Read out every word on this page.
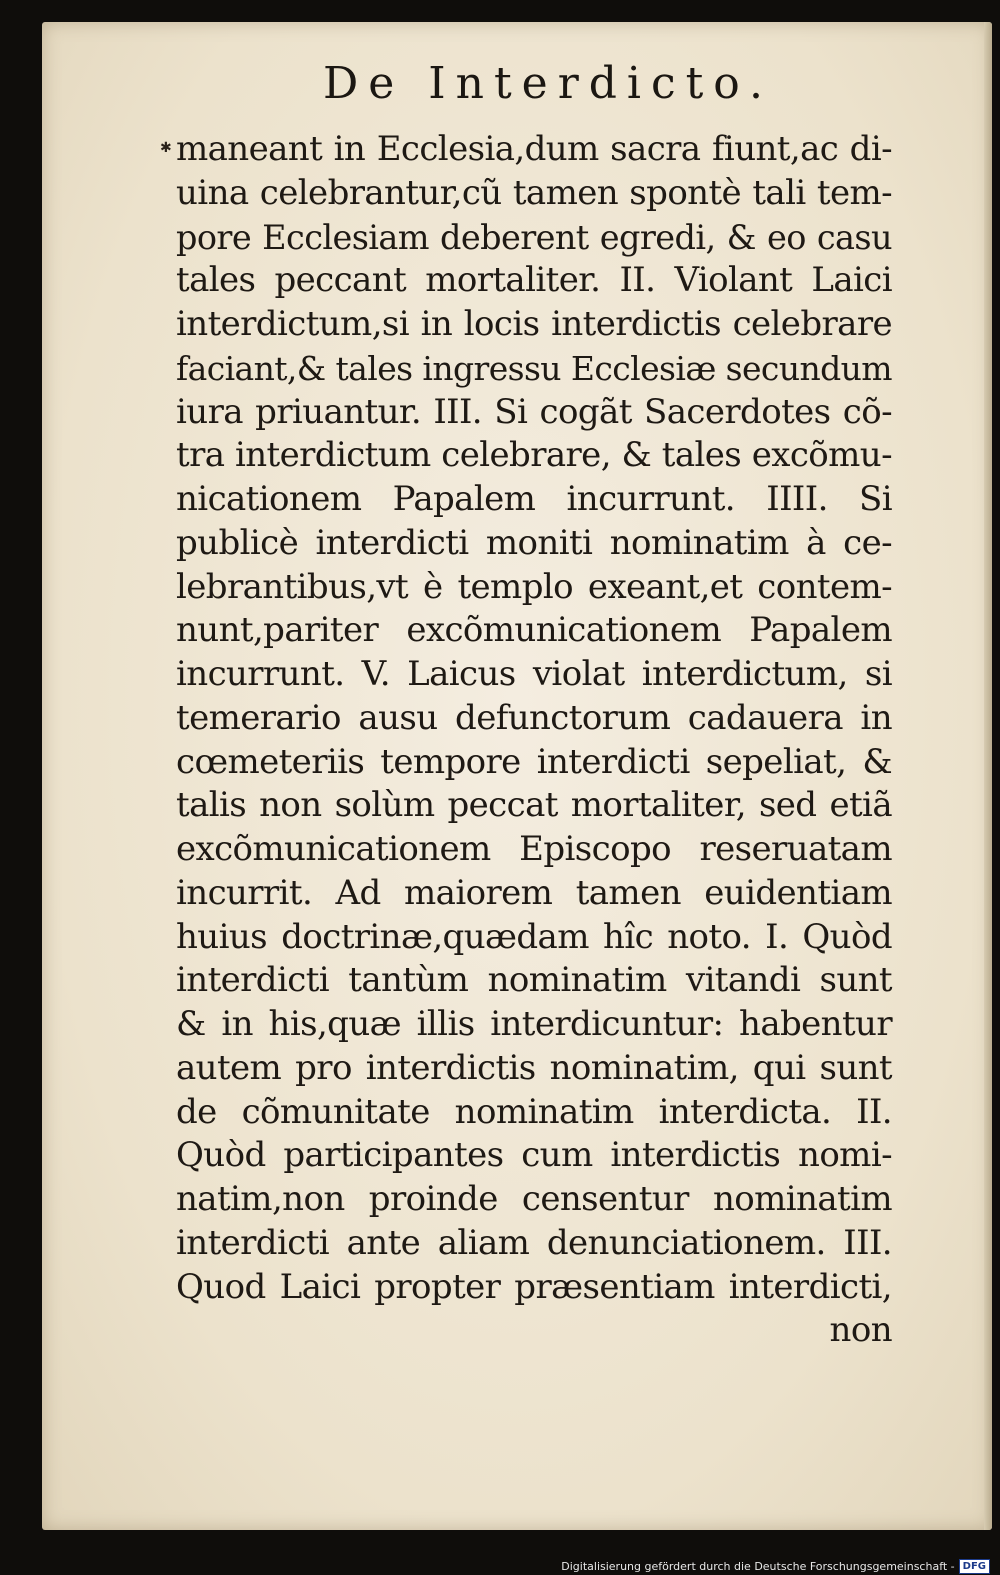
De Interdicto.
✱ maneant in Ecclesia,dum sacra fiunt,ac di-
uina celebrantur,cũ tamen spontè tali tem-
pore Ecclesiam deberent egredi, & eo casu
tales peccant mortaliter. II. Violant Laici
interdictum,si in locis interdictis celebrare
faciant,& tales ingressu Ecclesiæ secundum
iura priuantur. III. Si cogãt Sacerdotes cõ-
tra interdictum celebrare, & tales excõmu-
nicationem Papalem incurrunt. IIII. Si
publicè interdicti moniti nominatim à ce-
lebrantibus,vt è templo exeant,et contem-
nunt,pariter excõmunicationem Papalem
incurrunt. V. Laicus violat interdictum, si
temerario ausu defunctorum cadauera in
cœmeteriis tempore interdicti sepeliat, &
talis non solùm peccat mortaliter, sed etiã
excõmunicationem Episcopo reseruatam
incurrit. Ad maiorem tamen euidentiam
huius doctrinæ,quædam hîc noto. I. Quòd
interdicti tantùm nominatim vitandi sunt
& in his,quæ illis interdicuntur: habentur
autem pro interdictis nominatim, qui sunt
de cõmunitate nominatim interdicta. II.
Quòd participantes cum interdictis nomi-
natim,non proinde censentur nominatim
interdicti ante aliam denunciationem. III.
Quod Laici propter præsentiam interdicti,
non
Digitalisierung gefördert durch die Deutsche Forschungsgemeinschaft - DFG
